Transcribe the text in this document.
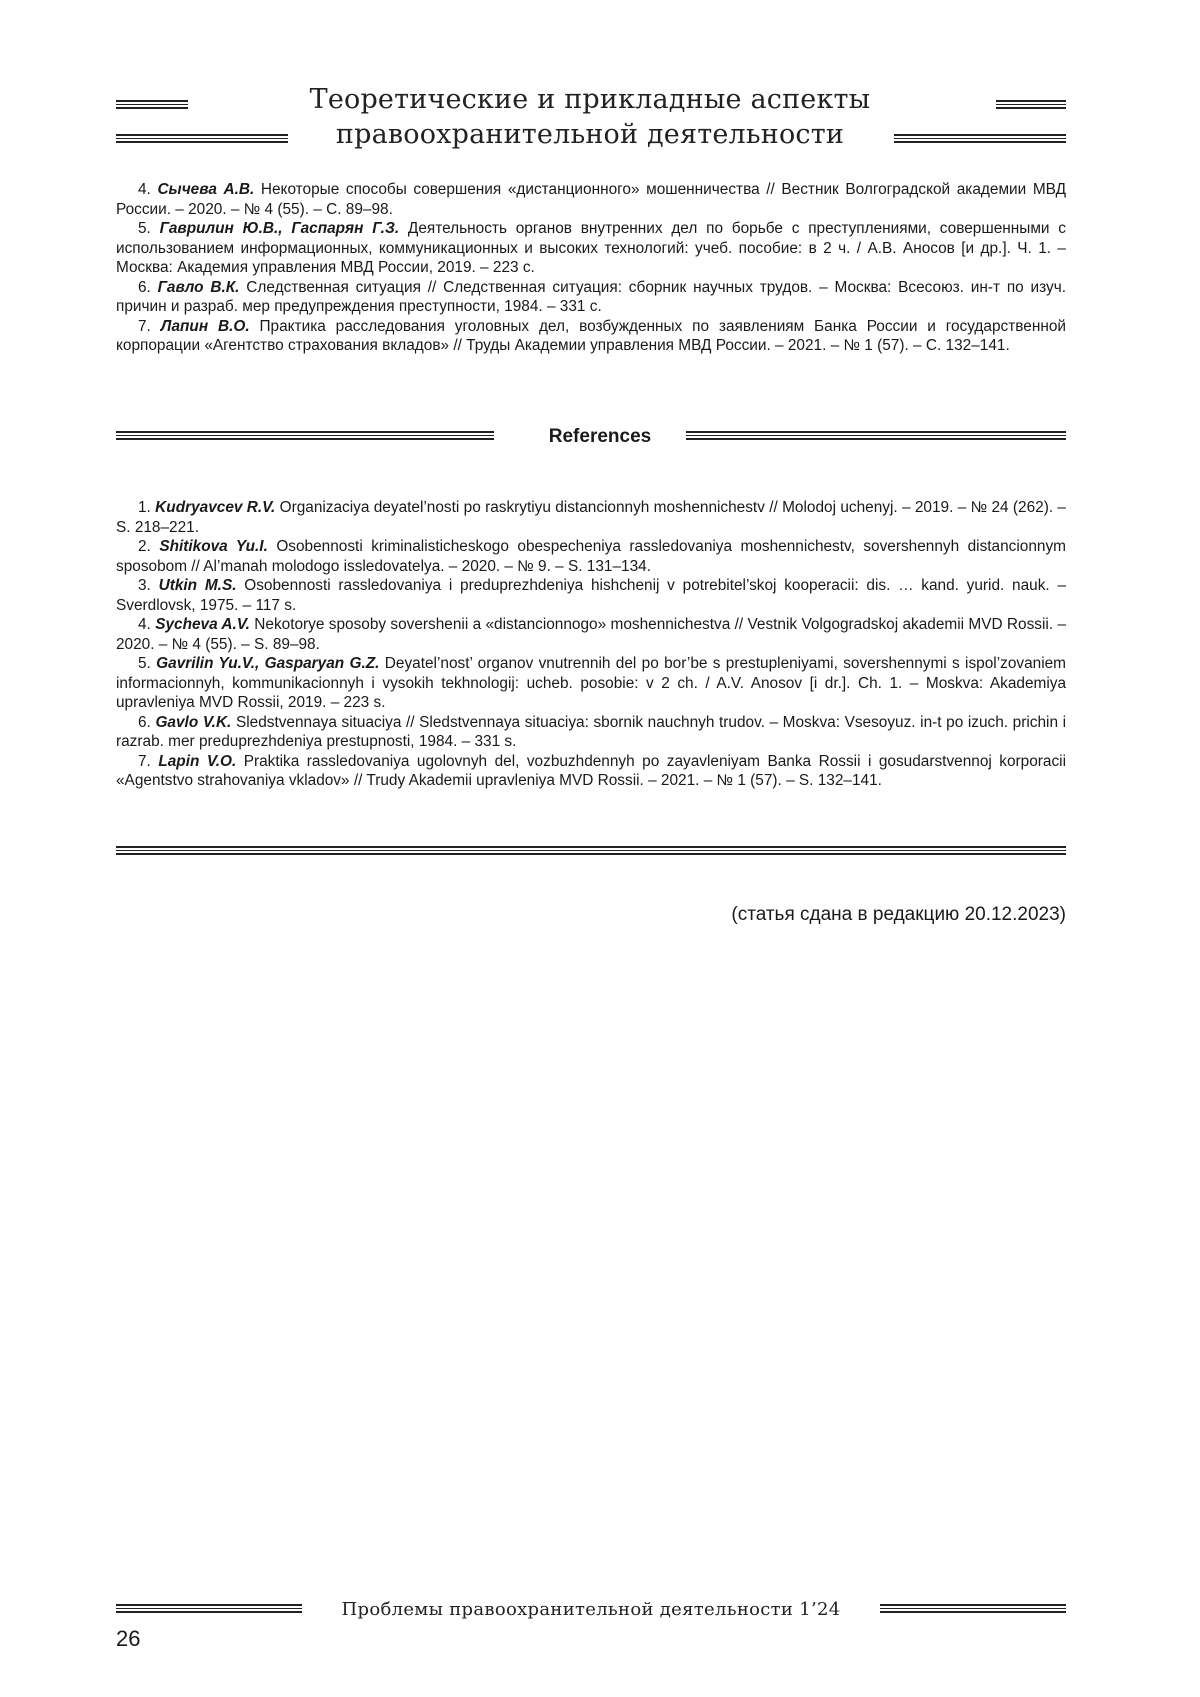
Теоретические и прикладные аспекты
правоохранительной деятельности

4. Сычева А.В. Некоторые способы совершения «дистанционного» мошенничества // Вестник Волгоградской академии МВД России. – 2020. – № 4 (55). – С. 89–98.

5. Гаврилин Ю.В., Гаспарян Г.З. Деятельность органов внутренних дел по борьбе с преступлениями, совершенными с использованием информационных, коммуникационных и высоких технологий: учеб. пособие: в 2 ч. / А.В. Аносов [и др.]. Ч. 1. – Москва: Академия управления МВД России, 2019. – 223 с.

6. Гавло В.К. Следственная ситуация // Следственная ситуация: сборник научных трудов. – Москва: Всесоюз. ин-т по изуч. причин и разраб. мер предупреждения преступности, 1984. – 331 с.

7. Лапин В.О. Практика расследования уголовных дел, возбужденных по заявлениям Банка России и государственной корпорации «Агентство страхования вкладов» // Труды Академии управления МВД России. – 2021. – № 1 (57). – С. 132–141.

References

1. Kudryavcev R.V. Organizaciya deyatel’nosti po raskrytiyu distancionnyh moshennichestv // Molodoj uchenyj. – 2019. – № 24 (262). – S. 218–221.

2. Shitikova Yu.I. Osobennosti kriminalisticheskogo obespecheniya rassledovaniya moshennichestv, sovershennyh distancionnym sposobom // Al’manah molodogo issledovatelya. – 2020. – № 9. – S. 131–134.

3. Utkin M.S. Osobennosti rassledovaniya i preduprezhdeniya hishchenij v potrebitel’skoj kooperacii: dis. … kand. yurid. nauk. – Sverdlovsk, 1975. – 117 s.

4. Sycheva A.V. Nekotorye sposoby sovershenii a «distancionnogo» moshennichestva // Vestnik Volgogradskoj akademii MVD Rossii. – 2020. – № 4 (55). – S. 89–98.

5. Gavrilin Yu.V., Gasparyan G.Z. Deyatel’nost’ organov vnutrennih del po bor’be s prestupleniyami, sovershennymi s ispol’zovaniem informacionnyh, kommunikacionnyh i vysokih tekhnologij: ucheb. posobie: v 2 ch. / A.V. Anosov [i dr.]. Ch. 1. – Moskva: Akademiya upravleniya MVD Rossii, 2019. – 223 s.

6. Gavlo V.K. Sledstvennaya situaciya // Sledstvennaya situaciya: sbornik nauchnyh trudov. – Moskva: Vsesoyuz. in-t po izuch. prichin i razrab. mer preduprezhdeniya prestupnosti, 1984. – 331 s.

7. Lapin V.O. Praktika rassledovaniya ugolovnyh del, vozbuzhdennyh po zayavleniyam Banka Rossii i gosudarstvennoj korporacii «Agentstvo strahovaniya vkladov» // Trudy Akademii upravleniya MVD Rossii. – 2021. – № 1 (57). – S. 132–141.

(статья сдана в редакцию 20.12.2023)
Проблемы правоохранительной деятельности 1’24
26
